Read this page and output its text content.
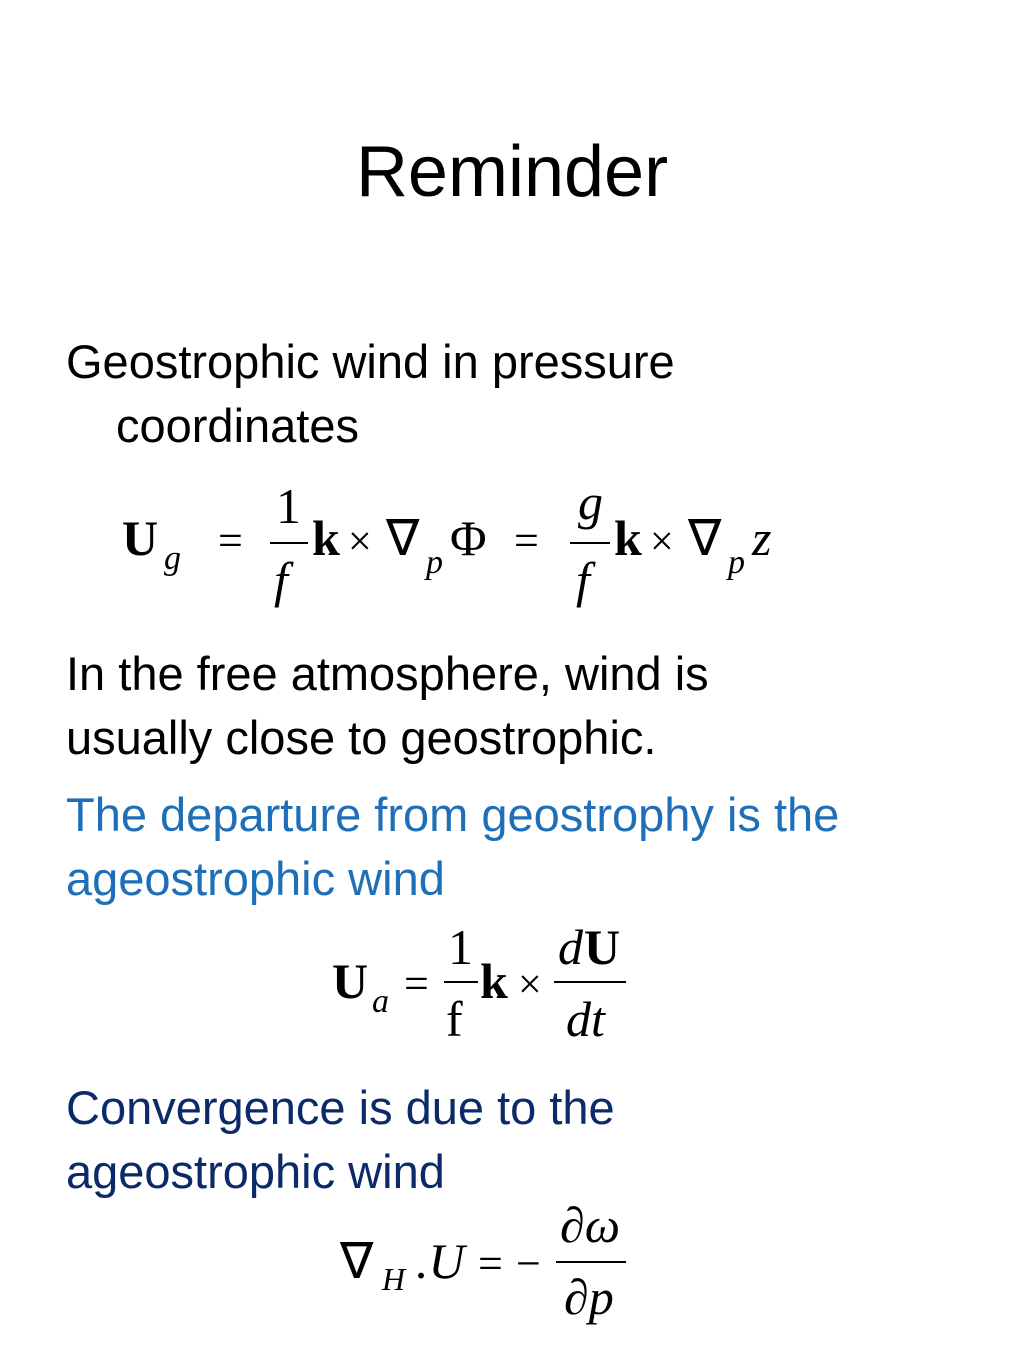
Reminder
Geostrophic wind in pressure
coordinates
U g =
1
f
k × ∇ p Φ =
g
f
k × ∇ p z
In the free atmosphere, wind is
usually close to geostrophic.
The departure from geostrophy is the
ageostrophic wind
U a =
1
f
k ×
d U
dt
Convergence is due to the
ageostrophic wind
∇ H .U = −
∂ω
∂p
